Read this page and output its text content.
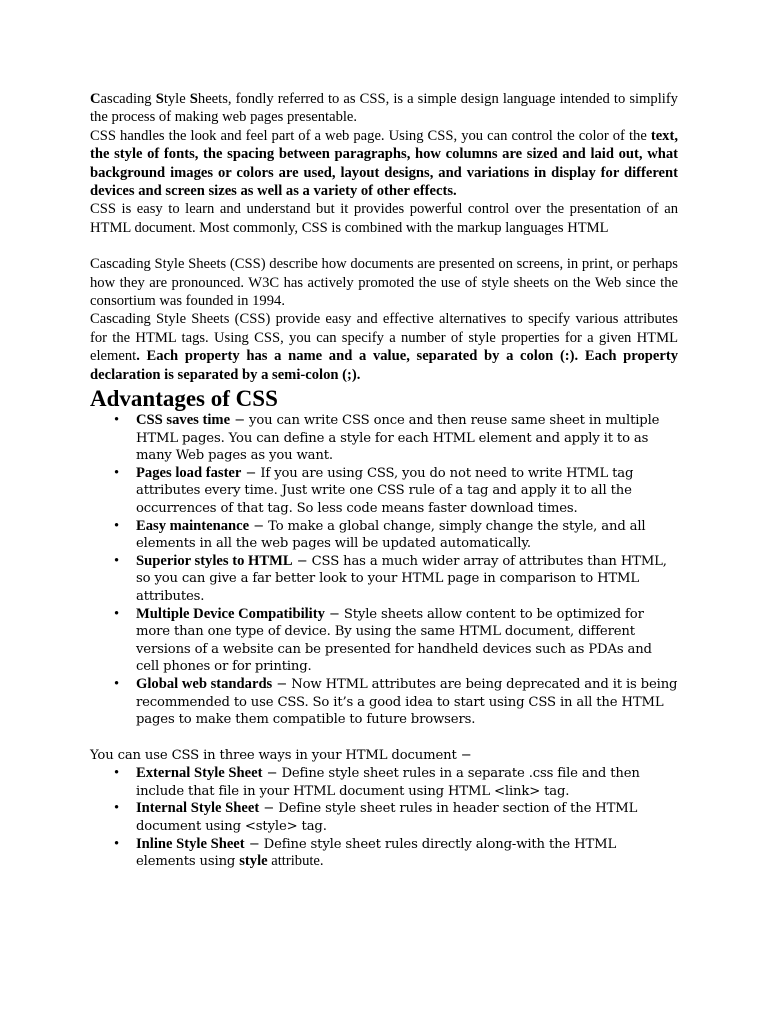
Cascading Style Sheets, fondly referred to as CSS, is a simple design language intended to simplify the process of making web pages presentable.

CSS handles the look and feel part of a web page. Using CSS, you can control the color of the text, the style of fonts, the spacing between paragraphs, how columns are sized and laid out, what background images or colors are used, layout designs, and variations in display for different devices and screen sizes as well as a variety of other effects.

CSS is easy to learn and understand but it provides powerful control over the presentation of an HTML document. Most commonly, CSS is combined with the markup languages HTML

Cascading Style Sheets (CSS) describe how documents are presented on screens, in print, or perhaps how they are pronounced. W3C has actively promoted the use of style sheets on the Web since the consortium was founded in 1994.

Cascading Style Sheets (CSS) provide easy and effective alternatives to specify various attributes for the HTML tags. Using CSS, you can specify a number of style properties for a given HTML element. Each property has a name and a value, separated by a colon (:). Each property declaration is separated by a semi-colon (;).

Advantages of CSS
• CSS saves time − you can write CSS once and then reuse same sheet in multiple HTML pages. You can define a style for each HTML element and apply it to as many Web pages as you want.
• Pages load faster − If you are using CSS, you do not need to write HTML tag attributes every time. Just write one CSS rule of a tag and apply it to all the occurrences of that tag. So less code means faster download times.
• Easy maintenance − To make a global change, simply change the style, and all elements in all the web pages will be updated automatically.
• Superior styles to HTML − CSS has a much wider array of attributes than HTML, so you can give a far better look to your HTML page in comparison to HTML attributes.
• Multiple Device Compatibility − Style sheets allow content to be optimized for more than one type of device. By using the same HTML document, different versions of a website can be presented for handheld devices such as PDAs and cell phones or for printing.
• Global web standards − Now HTML attributes are being deprecated and it is being recommended to use CSS. So it’s a good idea to start using CSS in all the HTML pages to make them compatible to future browsers.

You can use CSS in three ways in your HTML document −

• External Style Sheet − Define style sheet rules in a separate .css file and then include that file in your HTML document using HTML <link> tag.
• Internal Style Sheet − Define style sheet rules in header section of the HTML document using <style> tag.
• Inline Style Sheet − Define style sheet rules directly along-with the HTML elements using style attribute.
